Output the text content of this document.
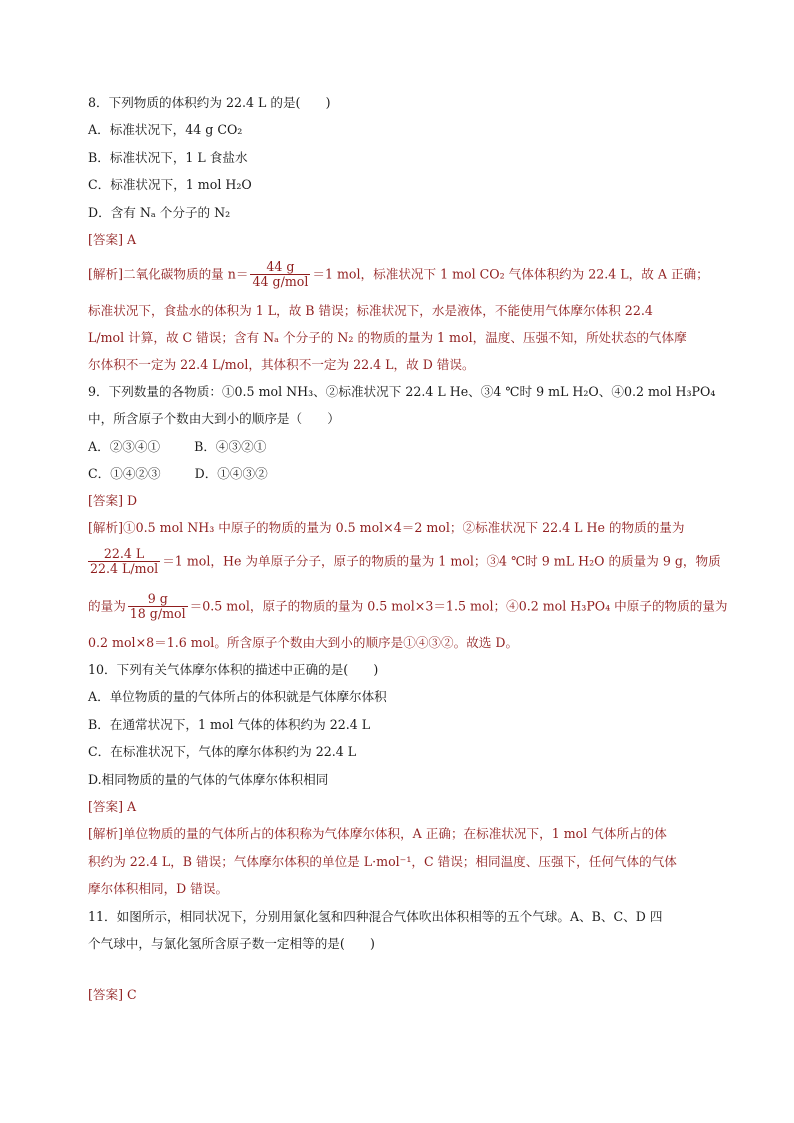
8．下列物质的体积约为 22.4 L 的是(　　)
A．标准状况下，44 g CO₂
B．标准状况下，1 L 食盐水
C．标准状况下，1 mol H₂O
D．含有 Nₐ 个分子的 N₂
[答案] A
[解析]二氧化碳物质的量 $n= \frac{44 g}{\text{44 g/mol}} =1$ mol，标准状况下 1 mol CO₂ 气体体积约为 22.4 L，故 A 正确；
标准状况下，食盐水的体积为 1 L，故 B 错误；标准状况下，水是液体，不能使用气体摩尔体积 22.4
L/mol 计算，故 C 错误；含有 Nₐ 个分子的 N₂ 的物质的量为 1 mol，温度、压强不知，所处状态的气体摩
尔体积不一定为 22.4 L/mol，其体积不一定为 22.4 L，故 D 错误。
9．下列数量的各物质：①0.5 mol NH₃、②标准状况下 22.4 L He、③4 ℃时 9 mL H₂O、④0.2 mol H₃PO₄
中，所含原子个数由大到小的顺序是（　　）
A．②③④①	B．④③②①
C．①④②③	D．①④③②
[答案] D
[解析]①0.5 mol NH₃ 中原子的物质的量为 0.5 mol×4＝2 mol；②标准状况下 22.4 L He 的物质的量为
$\frac{22.4 L}{\text{22.4 L/mol}} =1$ mol，He 为单原子分子，原子的物质的量为 1 mol；③4 ℃时 9 mL H₂O 的质量为 9 g，物质
的量为 $\frac{9 g}{\text{18 g/mol}} =0.5$ mol，原子的物质的量为 0.5 mol×3＝1.5 mol；④0.2 mol H₃PO₄ 中原子的物质的量为
0.2 mol×8＝1.6 mol。所含原子个数由大到小的顺序是①④③②。故选 D。
10．下列有关气体摩尔体积的描述中正确的是(　　)
A．单位物质的量的气体所占的体积就是气体摩尔体积
B．在通常状况下，1 mol 气体的体积约为 22.4 L
C．在标准状况下，气体的摩尔体积约为 22.4 L
D.相同物质的量的气体的气体摩尔体积相同
[答案] A
[解析]单位物质的量的气体所占的体积称为气体摩尔体积，A 正确；在标准状况下，1 mol 气体所占的体
积约为 22.4 L，B 错误；气体摩尔体积的单位是 L·mol⁻¹，C 错误；相同温度、压强下，任何气体的气体
摩尔体积相同，D 错误。
11．如图所示，相同状况下，分别用氯化氢和四种混合气体吹出体积相等的五个气球。A、B、C、D 四
个气球中，与氯化氢所含原子数一定相等的是(　　)
[答案] C
